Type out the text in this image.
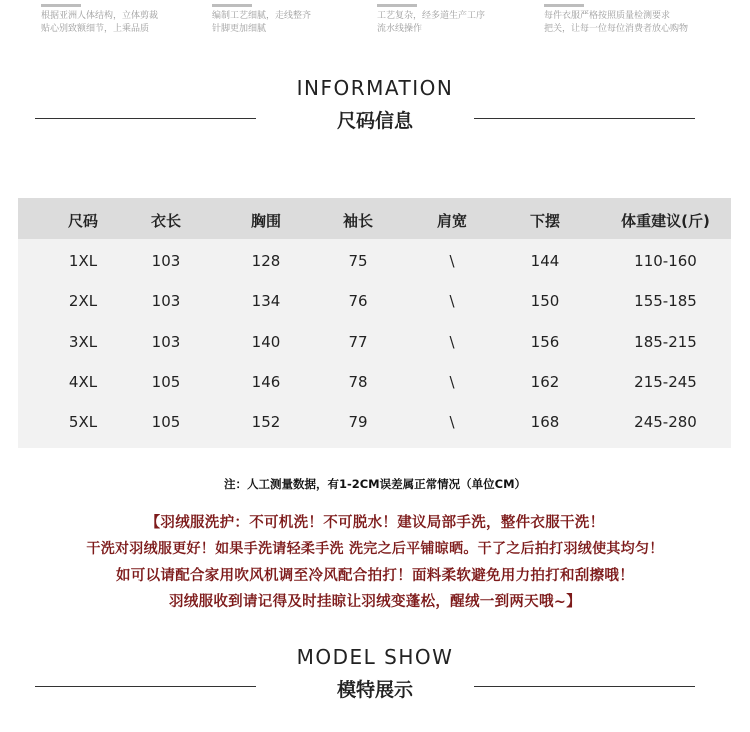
根据亚洲人体结构，立体剪裁
贴心别致额细节，上乘品质
编制工艺细腻，走线整齐
针脚更加细腻
工艺复杂，经多道生产工序
流水线操作
每件衣服严格按照质量检测要求
把关，让每一位每位消费者放心购物
INFORMATION
尺码信息
尺码	衣长	胸围	袖长	肩宽	下摆	体重建议(斤)
1XL	103	128	75	\	144	110-160
2XL	103	134	76	\	150	155-185
3XL	103	140	77	\	156	185-215
4XL	105	146	78	\	162	215-245
5XL	105	152	79	\	168	245-280
注：人工测量数据，有1-2CM误差属正常情况（单位CM）
【羽绒服洗护：不可机洗！不可脱水！建议局部手洗，整件衣服干洗！
干洗对羽绒服更好！如果手洗请轻柔手洗 洗完之后平铺晾晒。干了之后拍打羽绒使其均匀！
如可以请配合家用吹风机调至冷风配合拍打！面料柔软避免用力拍打和刮擦哦！
羽绒服收到请记得及时挂晾让羽绒变蓬松，醒绒一到两天哦~】
MODEL SHOW
模特展示
